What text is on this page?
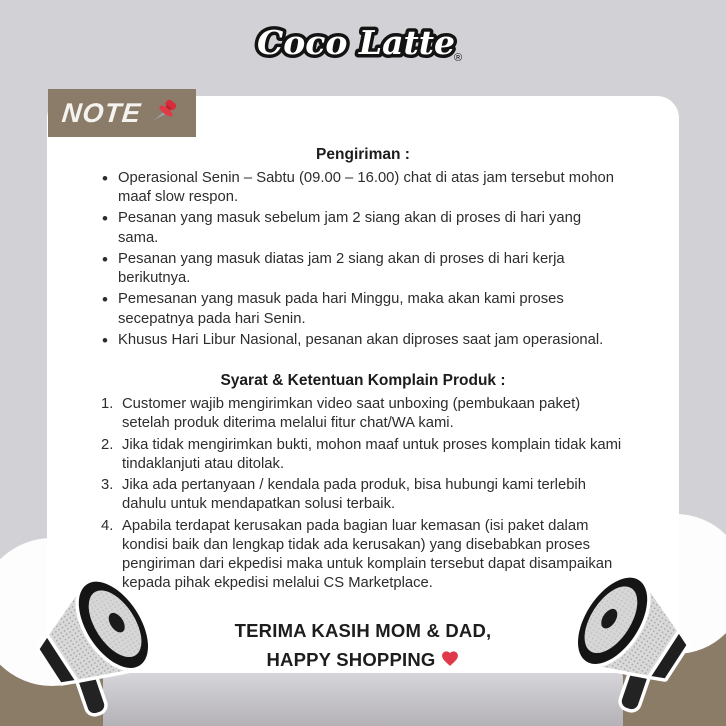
Coco Latte
®
Pengiriman :
• Operasional Senin – Sabtu (09.00 – 16.00) chat di atas jam tersebut mohon maaf slow respon.
• Pesanan yang masuk sebelum jam 2 siang akan di proses di hari yang sama.
• Pesanan yang masuk diatas jam 2 siang akan di proses di hari kerja berikutnya.
• Pemesanan yang masuk pada hari Minggu, maka akan kami proses secepatnya pada hari Senin.
• Khusus Hari Libur Nasional, pesanan akan diproses saat jam operasional.
Syarat & Ketentuan Komplain Produk :
Customer wajib mengirimkan video saat unboxing (pembukaan paket) setelah produk diterima melalui fitur chat/WA kami.
Jika tidak mengirimkan bukti, mohon maaf untuk proses komplain tidak kami tindaklanjuti atau ditolak.
Jika ada pertanyaan / kendala pada produk, bisa hubungi kami terlebih dahulu untuk mendapatkan solusi terbaik.
Apabila terdapat kerusakan pada bagian luar kemasan (isi paket dalam kondisi baik dan lengkap tidak ada kerusakan) yang disebabkan proses pengiriman dari ekpedisi maka untuk komplain tersebut dapat disampaikan kepada pihak ekpedisi melalui CS Marketplace.
TERIMA KASIH MOM & DAD,
HAPPY SHOPPING
NOTE
